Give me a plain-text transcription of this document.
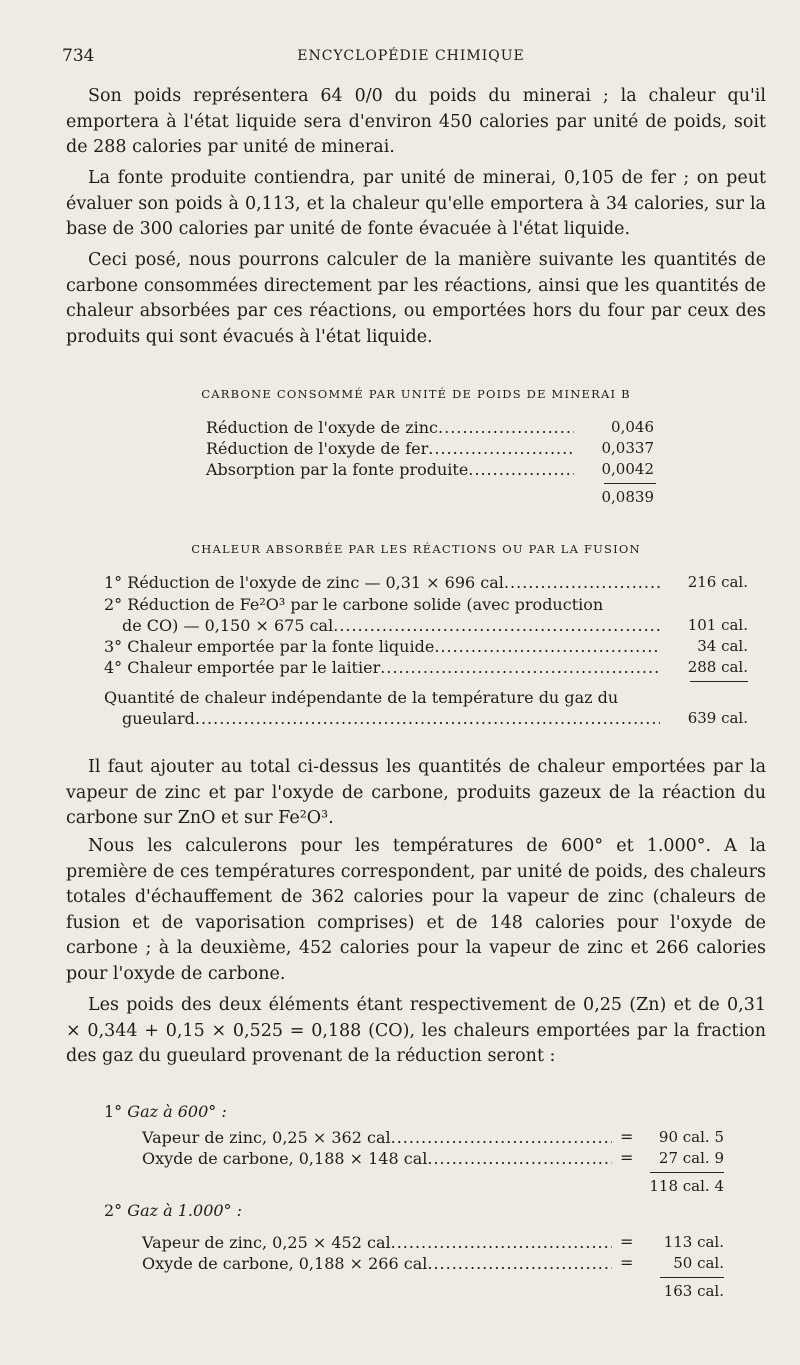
734	ENCYCLOPÉDIE CHIMIQUE

Son poids représentera 64 0/0 du poids du minerai ; la chaleur qu'il emportera à l'état liquide sera d'environ 450 calories par unité de poids, soit de 288 calories par unité de minerai.

La fonte produite contiendra, par unité de minerai, 0,105 de fer ; on peut évaluer son poids à 0,113, et la chaleur qu'elle emportera à 34 calories, sur la base de 300 calories par unité de fonte évacuée à l'état liquide.

Ceci posé, nous pourrons calculer de la manière suivante les quantités de carbone consommées directement par les réactions, ainsi que les quantités de chaleur absorbées par ces réactions, ou emportées hors du four par ceux des produits qui sont évacués à l'état liquide.

CARBONE CONSOMMÉ PAR UNITÉ DE POIDS DE MINERAI B
Réduction de l'oxyde de zinc .....	0,046
Réduction de l'oxyde de fer .....	0,0337
Absorption par la fonte produite .....	0,0042
0,0839
CHALEUR ABSORBÉE PAR LES RÉACTIONS OU PAR LA FUSION
1° Réduction de l'oxyde de zinc — 0,31 × 696 cal .....	216 cal.
2° Réduction de Fe²O³ par le carbone solide (avec production
de CO) — 0,150 × 675 cal .....	101 cal.
3° Chaleur emportée par la fonte liquide .....	34 cal.
4° Chaleur emportée par le laitier .....	288 cal.
Quantité de chaleur indépendante de la température du gaz du
gueulard .....	639 cal.

Il faut ajouter au total ci-dessus les quantités de chaleur emportées par la vapeur de zinc et par l'oxyde de carbone, produits gazeux de la réaction du carbone sur ZnO et sur Fe²O³.

Nous les calculerons pour les températures de 600° et 1.000°. A la première de ces températures correspondent, par unité de poids, des chaleurs totales d'échauffement de 362 calories pour la vapeur de zinc (chaleurs de fusion et de vaporisation comprises) et de 148 calories pour l'oxyde de carbone ; à la deuxième, 452 calories pour la vapeur de zinc et 266 calories pour l'oxyde de carbone.

Les poids des deux éléments étant respectivement de 0,25 (Zn) et de 0,31 × 0,344 + 0,15 × 0,525 = 0,188 (CO), les chaleurs emportées par la fraction des gaz du gueulard provenant de la réduction seront :

1° Gaz à 600° :
Vapeur de zinc, 0,25 × 362 cal .....	=	90 cal. 5
Oxyde de carbone, 0,188 × 148 cal .....	=	27 cal. 9
118 cal. 4
2° Gaz à 1.000° :
Vapeur de zinc, 0,25 × 452 cal .....	=	113 cal.
Oxyde de carbone, 0,188 × 266 cal .....	=	50 cal.
163 cal.
